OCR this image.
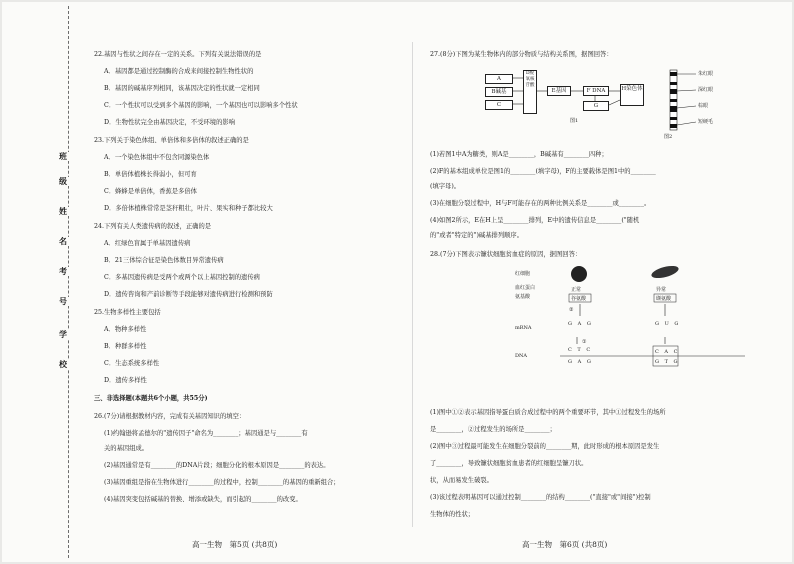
班
级
姓
名
考
号
学
校
22.基因与性状之间存在一定的关系。下列有关说法错误的是
A．基因都是通过控制酶的合成来间接控制生物性状的
B．基因的碱基序列相同，该基因决定的性状就一定相同
C．一个性状可以受到多个基因的影响，一个基因也可以影响多个性状
D．生物性状完全由基因决定，不受环境的影响
23.下列关于染色体组、单倍体和多倍体的叙述正确的是
A．一个染色体组中不包含同源染色体
B．单倍体植株长得弱小，但可育
C．蜂蜂是单倍体，香蕉是多倍体
D．多倍体植株常常是茎秆粗壮，叶片、果实和种子都比较大
24.下列有关人类遗传病的叙述，正确的是
A．红绿色盲属于单基因遗传病
B．21三体综合征是染色体数目异常遗传病
C．多基因遗传病是受两个或两个以上基因控制的遗传病
D．遗传咨询和产前诊断等手段能够对遗传病进行检测和预防
25.生物多样性主要包括
A．物种多样性
B．种群多样性
C．生态系统多样性
D．遗传多样性
三、非选择题(本题共6个小题，共55分)
26.(7分)请根据教材内容，完成有关基因知识的填空：
(1)约翰逊将孟德尔的"遗传因子"命名为________；基因通是与________有
关的基因组成。
(2)基因通常是有________的DNA片段；细胞分化的根本原因是________的表达。
(3)基因重组是指在生物体进行________的过程中，控制________的基因的重新组合；
(4)基因突变包括碱基的替换、增添或缺失，而引起的________的改变。
高一生物　第5页 (共8页)
27.(8分)下图为某生物体内的部分物质与结构关系图，据图回答：
A
B碱基
C
D脱氧核苷酸
E基因	F DNA
G
H染色体
图1
朱红眼
深红眼
棕眼
短硬毛
图2
(1)若图1中A为糖类，则A是________，B碱基有________四种；
(2)F的基本组成单位是图1的________(填字母)，F的主要载体是图1中的________
(填字母)。
(3)在细胞分裂过程中，H与F可能存在的两种比例关系是________或________。
(4)如图2所示，E在H上呈________排列，E中的遗传信息是________("随机
的"或者"特定的")碱基排列顺序。
28.(7分)下图表示镰状细胞贫血症的原因，据图回答：
红细胞
血红蛋白
氨基酸
mRNA
DNA
正常
谷氨酸
异常
缬氨酸
①
②
G A G
C T C
G A G
G U G
C A C
G T G
(1)图中①②表示基因指导蛋白质合成过程中的两个重要环节，其中①过程发生的场所
是________，②过程发生的场所是________；
(2)图中③过程最可能发生在细胞分裂前的________期，此时形成的根本原因是发生
了________，导致镰状细胞贫血患者的红细胞呈镰刀状。
状，从而易发生破裂。
(3)该过程表明基因可以通过控制________的结构________("直接"或"间接")控制
生物体的性状；
高一生物　第6页 (共8页)
